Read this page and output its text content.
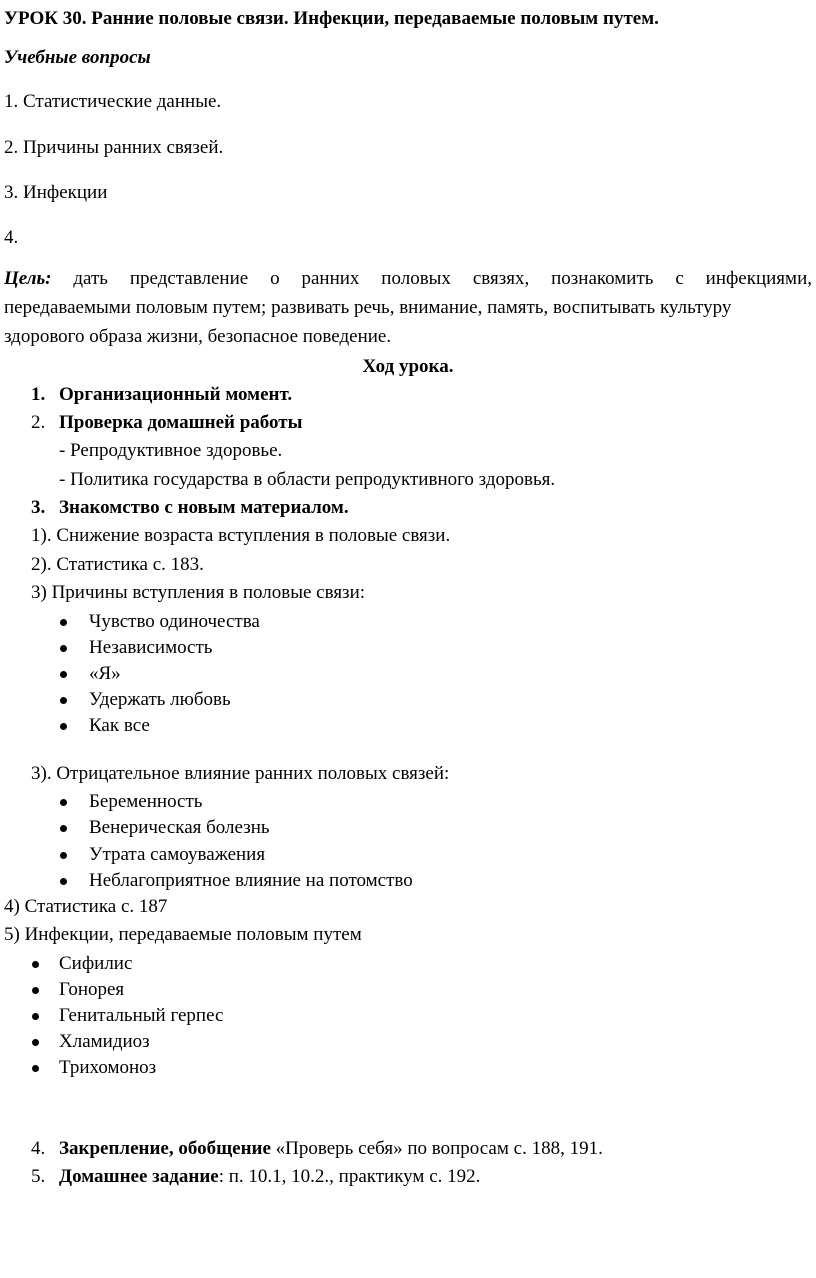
УРОК 30. Ранние половые связи. Инфекции, передаваемые половым путем.
Учебные вопросы
1. Статистические данные.
2. Причины ранних связей.
3. Инфекции
4.
Цель: дать представление о ранних половых связях, познакомить с инфекциями,
передаваемыми половым путем; развивать речь, внимание, память, воспитывать культуру
здорового образа жизни, безопасное поведение.
Ход урока.
1. Организационный момент.
2. Проверка домашней работы
- Репродуктивное здоровье.
- Политика государства в области репродуктивного здоровья.
3. Знакомство с новым материалом.
1). Снижение возраста вступления в половые связи.
2). Статистика с. 183.
3) Причины вступления в половые связи:
Чувство одиночества
Независимость
«Я»
Удержать любовь
Как все
3). Отрицательное влияние ранних половых связей:
Беременность
Венерическая болезнь
Утрата самоуважения
Неблагоприятное влияние на потомство
4) Статистика с. 187
5) Инфекции, передаваемые половым путем
Сифилис
Гонорея
Генитальный герпес
Хламидиоз
Трихомоноз
4. Закрепление, обобщение «Проверь себя» по вопросам с. 188, 191.
5. Домашнее задание: п. 10.1, 10.2., практикум с. 192.
